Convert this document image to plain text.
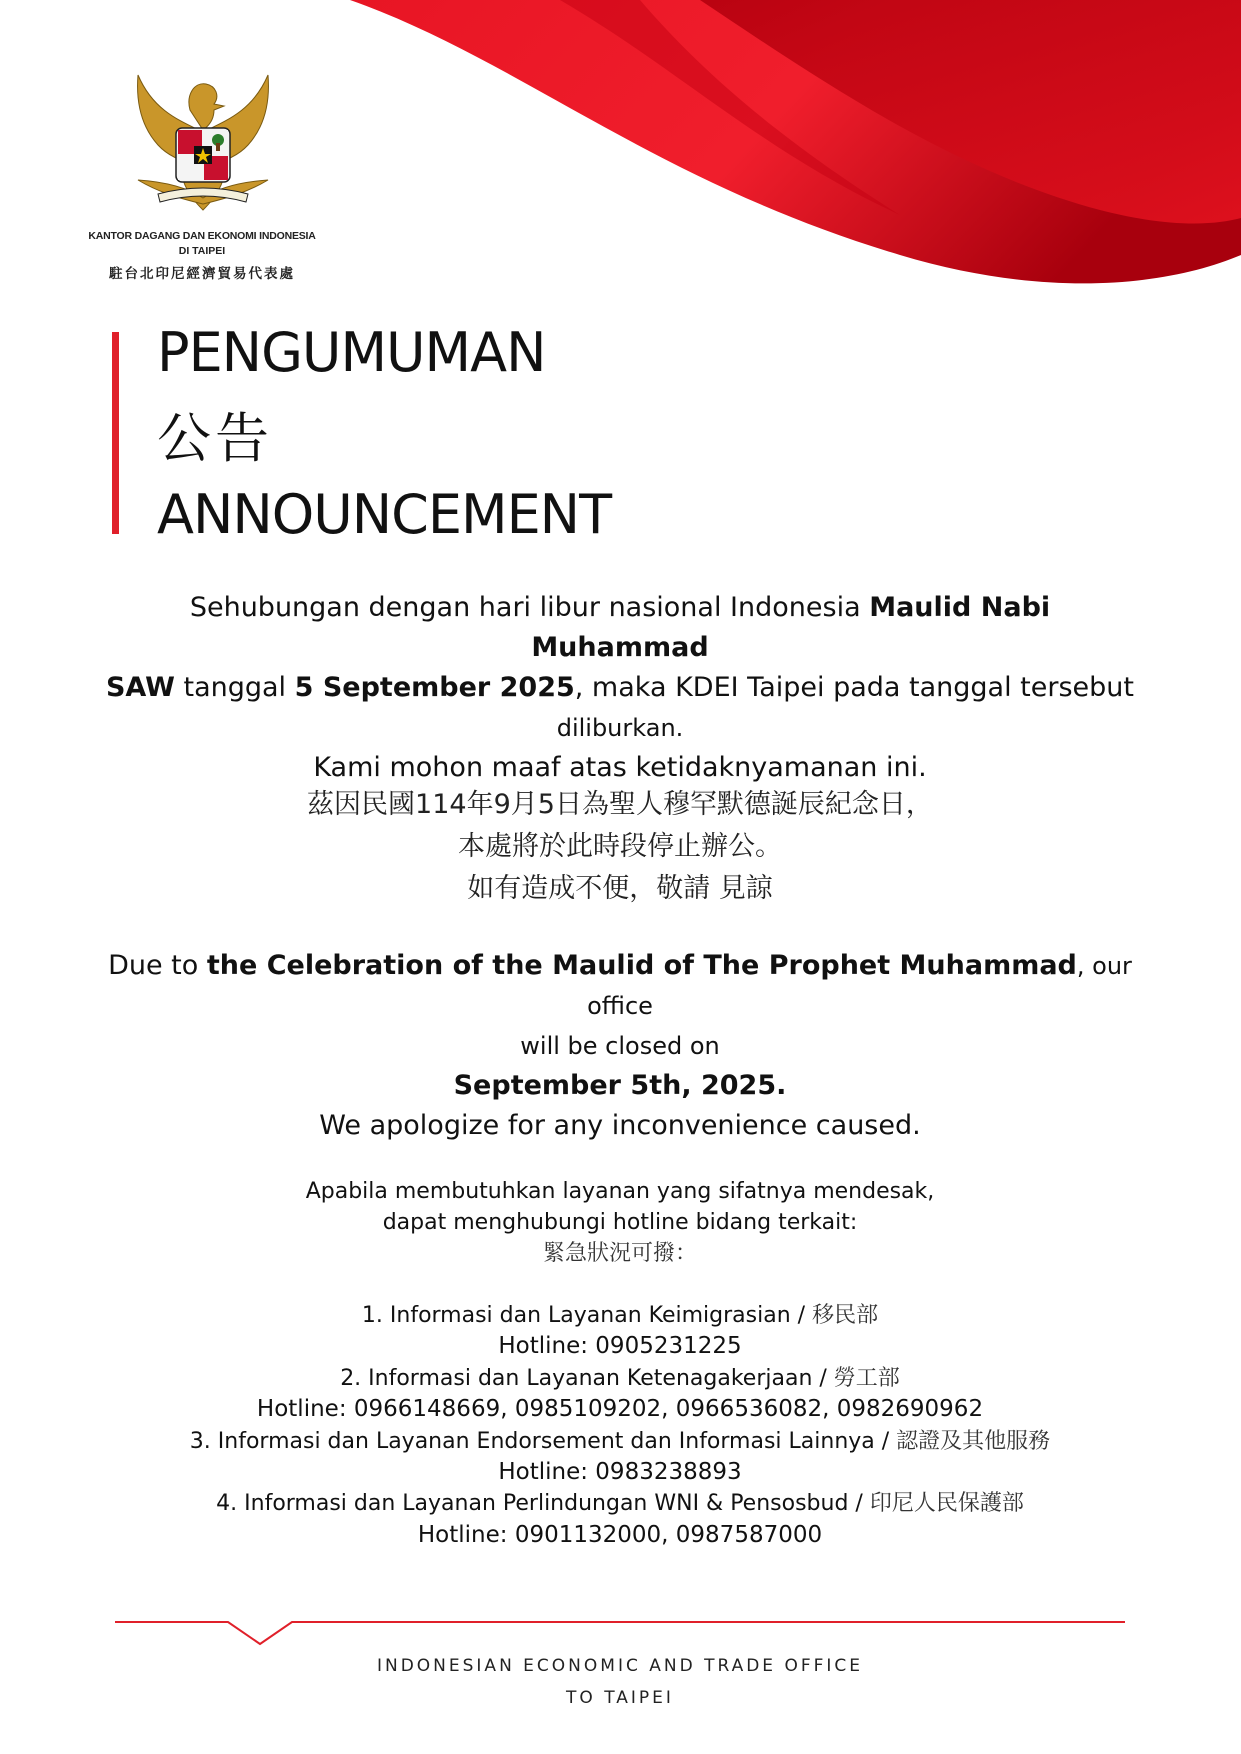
KANTOR DAGANG DAN EKONOMI INDONESIA
DI TAIPEI
駐台北印尼經濟貿易代表處
PENGUMUMAN
公告
ANNOUNCEMENT
Sehubungan dengan hari libur nasional Indonesia Maulid Nabi Muhammad
SAW tanggal 5 September 2025, maka KDEI Taipei pada tanggal tersebut
diliburkan.
Kami mohon maaf atas ketidaknyamanan ini.
茲因民國114年9月5日為聖人穆罕默德誕辰紀念日，
本處將於此時段停止辦公。
如有造成不便，敬請 見諒
Due to the Celebration of the Maulid of The Prophet Muhammad, our office
will be closed on
September 5th, 2025.
We apologize for any inconvenience caused.
Apabila membutuhkan layanan yang sifatnya mendesak,
dapat menghubungi hotline bidang terkait:
緊急狀況可撥：
1. Informasi dan Layanan Keimigrasian / 移民部
Hotline: 0905231225
2. Informasi dan Layanan Ketenagakerjaan / 勞工部
Hotline: 0966148669, 0985109202, 0966536082, 0982690962
3. Informasi dan Layanan Endorsement dan Informasi Lainnya / 認證及其他服務
Hotline: 0983238893
4. Informasi dan Layanan Perlindungan WNI & Pensosbud / 印尼人民保護部
Hotline: 0901132000, 0987587000
INDONESIAN ECONOMIC AND TRADE OFFICE
TO TAIPEI
